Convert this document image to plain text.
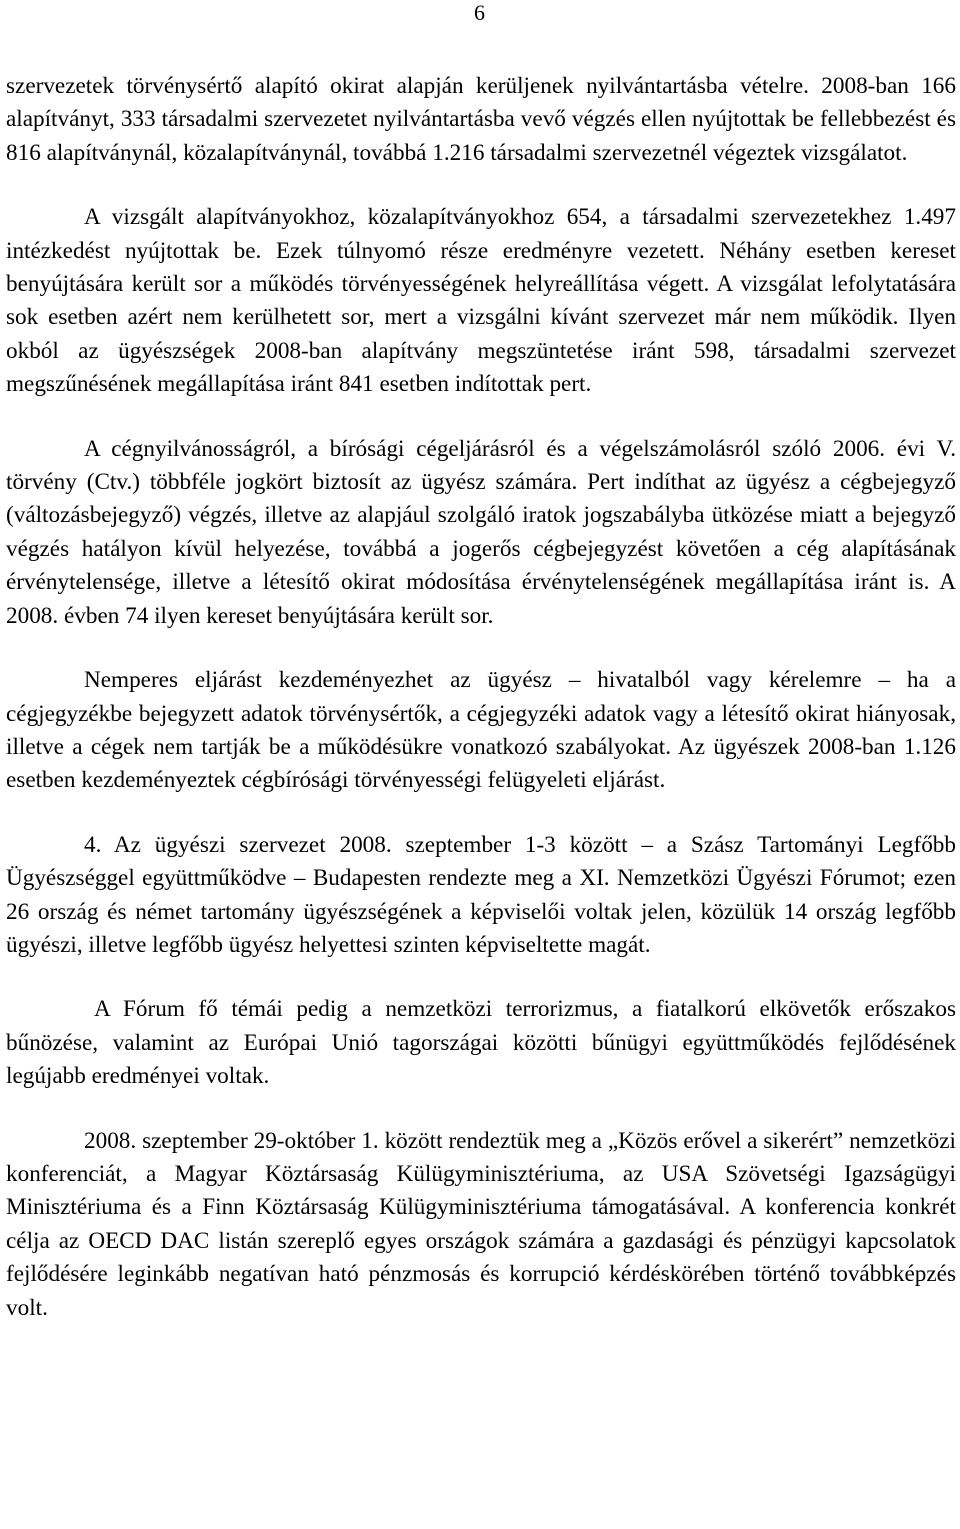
6

szervezetek törvénysértő alapító okirat alapján kerüljenek nyilvántartásba vételre. 2008-ban 166 alapítványt, 333 társadalmi szervezetet nyilvántartásba vevő végzés ellen nyújtottak be fellebbezést és 816 alapítványnál, közalapítványnál, továbbá 1.216 társadalmi szervezetnél végeztek vizsgálatot.

A vizsgált alapítványokhoz, közalapítványokhoz 654, a társadalmi szervezetekhez 1.497 intézkedést nyújtottak be. Ezek túlnyomó része eredményre vezetett. Néhány esetben kereset benyújtására került sor a működés törvényességének helyreállítása végett. A vizsgálat lefolytatására sok esetben azért nem kerülhetett sor, mert a vizsgálni kívánt szervezet már nem működik. Ilyen okból az ügyészségek 2008-ban alapítvány megszüntetése iránt 598, társadalmi szervezet megszűnésének megállapítása iránt 841 esetben indítottak pert.

A cégnyilvánosságról, a bírósági cégeljárásról és a végelszámolásról szóló 2006. évi V. törvény (Ctv.) többféle jogkört biztosít az ügyész számára. Pert indíthat az ügyész a cégbejegyző (változásbejegyző) végzés, illetve az alapjául szolgáló iratok jogszabályba ütközése miatt a bejegyző végzés hatályon kívül helyezése, továbbá a jogerős cégbejegyzést követően a cég alapításának érvénytelensége, illetve a létesítő okirat módosítása érvénytelenségének megállapítása iránt is. A 2008. évben 74 ilyen kereset benyújtására került sor.

Nemperes eljárást kezdeményezhet az ügyész – hivatalból vagy kérelemre – ha a cégjegyzékbe bejegyzett adatok törvénysértők, a cégjegyzéki adatok vagy a létesítő okirat hiányosak, illetve a cégek nem tartják be a működésükre vonatkozó szabályokat. Az ügyészek 2008-ban 1.126 esetben kezdeményeztek cégbírósági törvényességi felügyeleti eljárást.

4. Az ügyészi szervezet 2008. szeptember 1-3 között – a Szász Tartományi Legfőbb Ügyészséggel együttműködve – Budapesten rendezte meg a XI. Nemzetközi Ügyészi Fórumot; ezen 26 ország és német tartomány ügyészségének a képviselői voltak jelen, közülük 14 ország legfőbb ügyészi, illetve legfőbb ügyész helyettesi szinten képviseltette magát.

A Fórum fő témái pedig a nemzetközi terrorizmus, a fiatalkorú elkövetők erőszakos bűnözése, valamint az Európai Unió tagországai közötti bűnügyi együttműködés fejlődésének legújabb eredményei voltak.

2008. szeptember 29-október 1. között rendeztük meg a „Közös erővel a sikerért” nemzetközi konferenciát, a Magyar Köztársaság Külügyminisztériuma, az USA Szövetségi Igazságügyi Minisztériuma és a Finn Köztársaság Külügyminisztériuma támogatásával. A konferencia konkrét célja az OECD DAC listán szereplő egyes országok számára a gazdasági és pénzügyi kapcsolatok fejlődésére leginkább negatívan ható pénzmosás és korrupció kérdéskörében történő továbbképzés volt.
